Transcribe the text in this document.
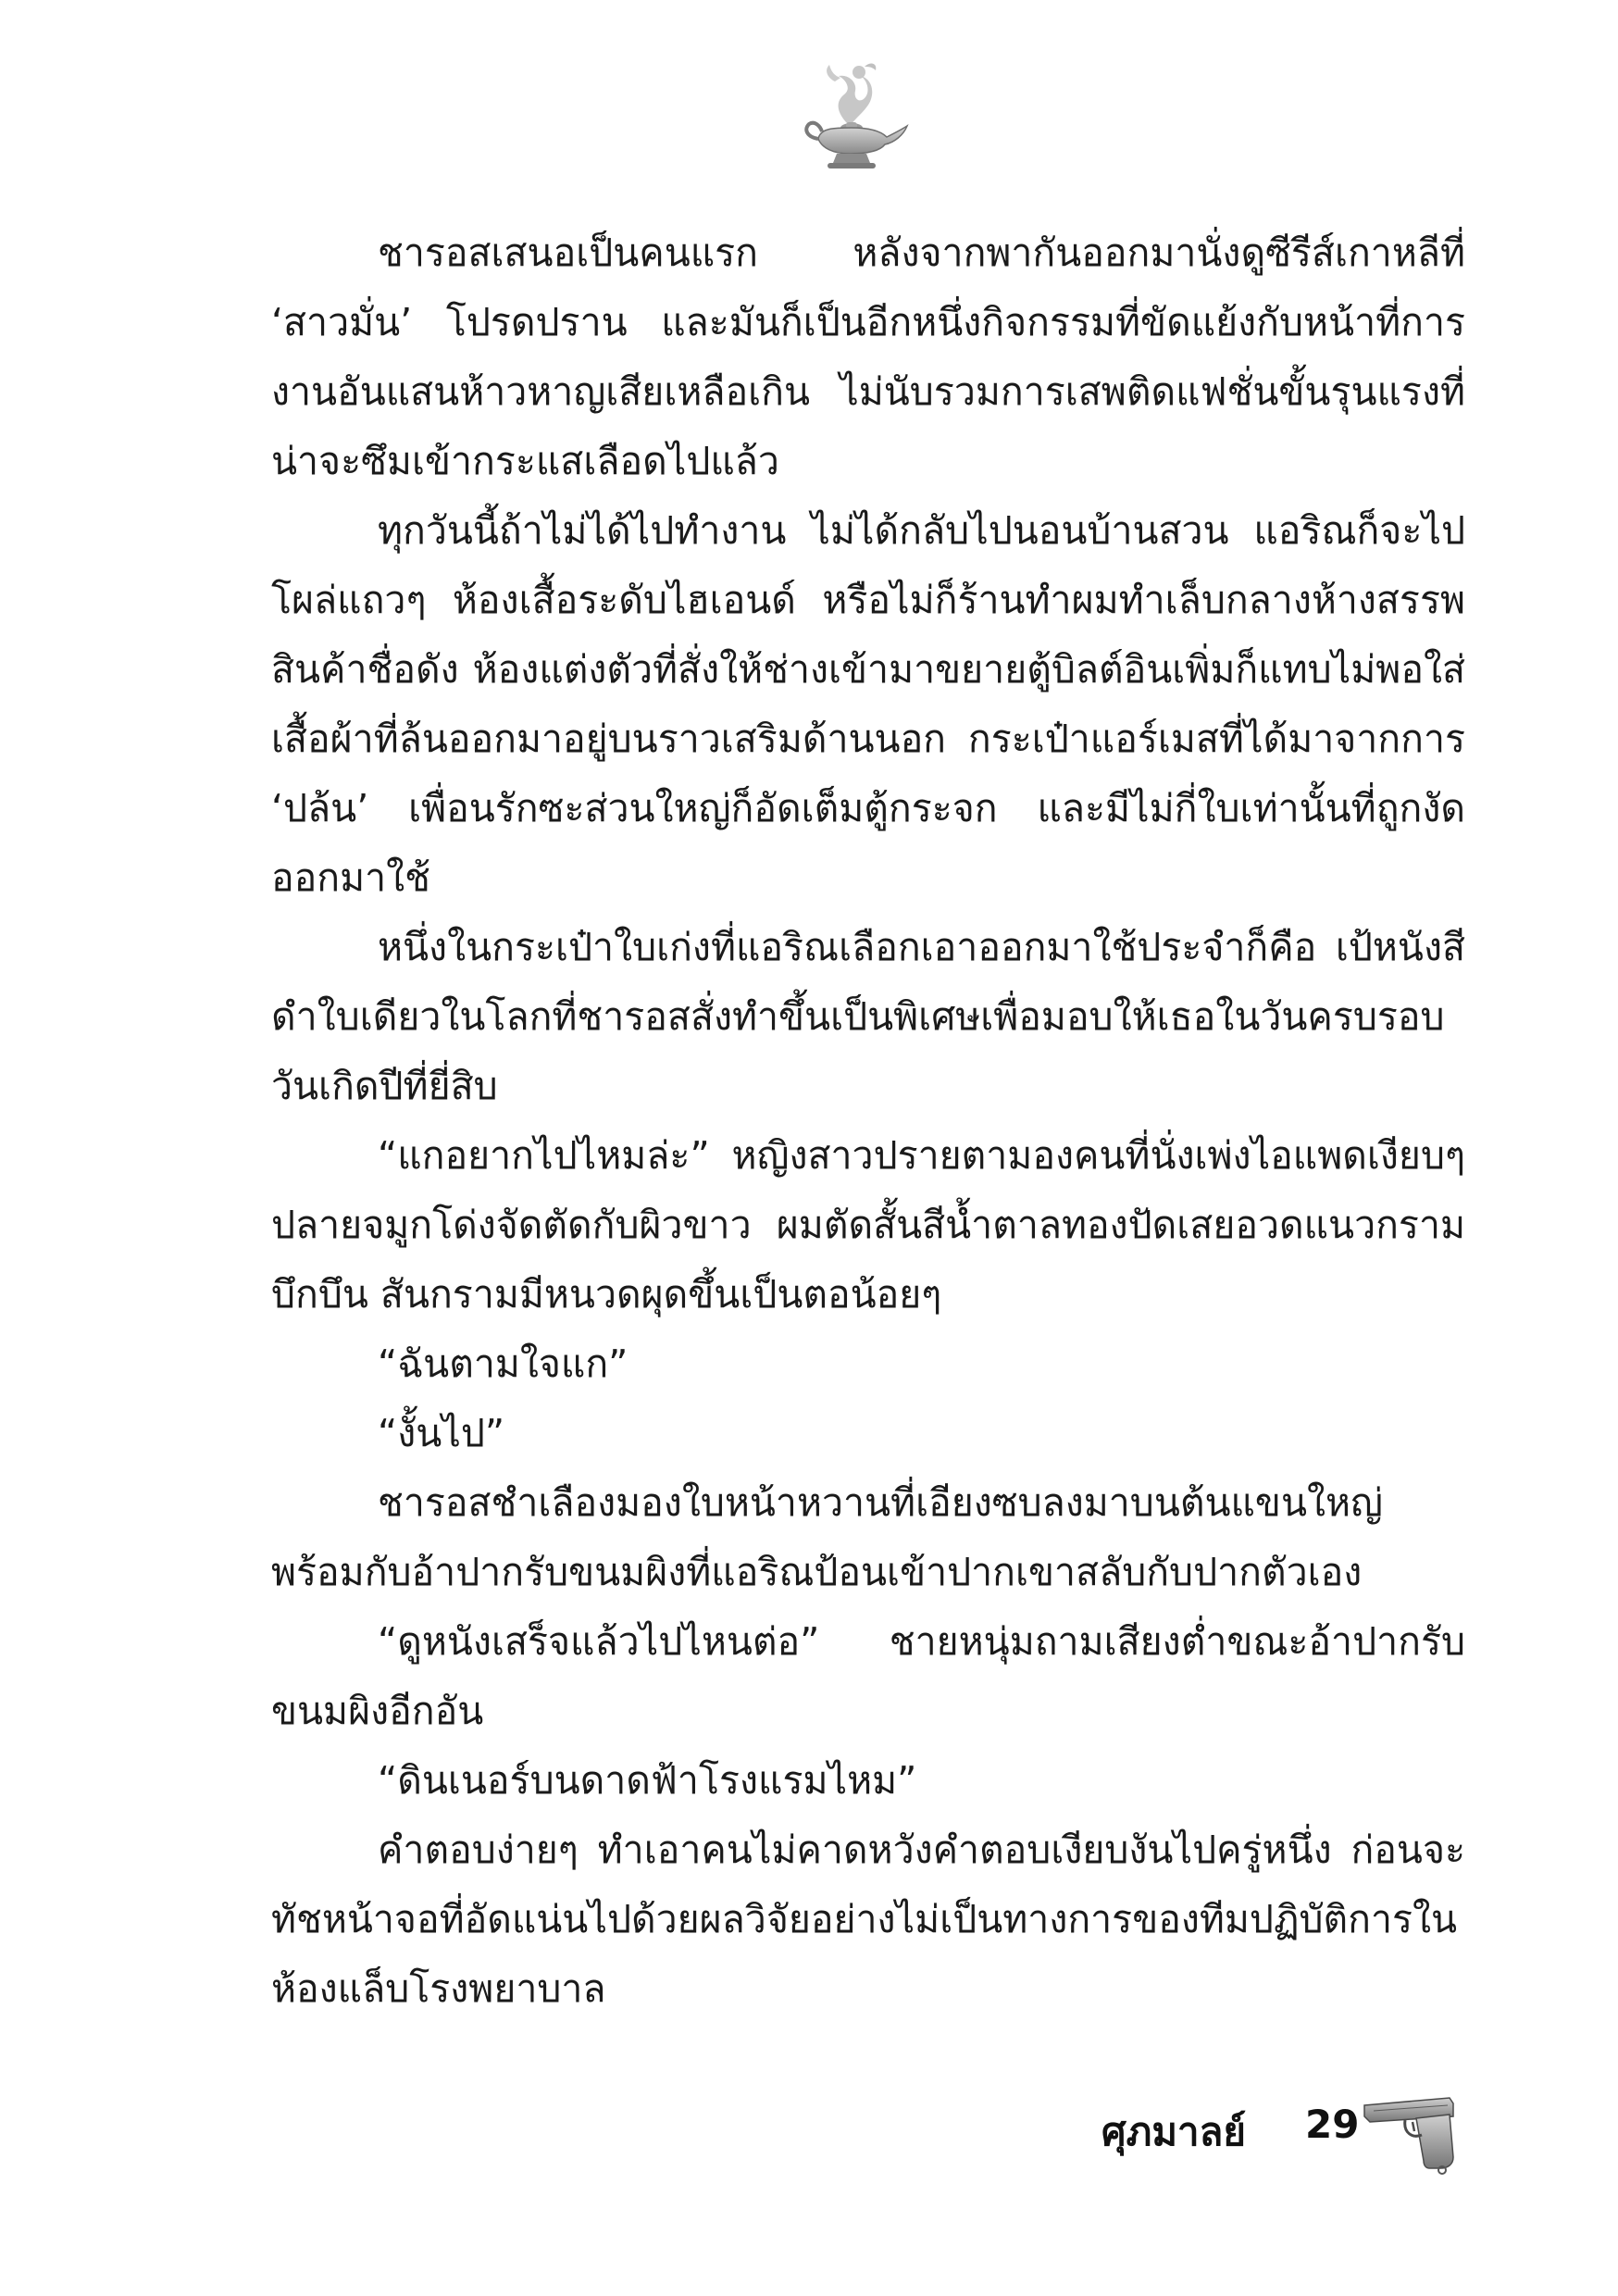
ชารอสเสนอเป็นคนแรก หลังจากพากันออกมานั่งดูซีรีส์เกาหลีที่ ‘สาวมั่น’ โปรดปราน และมันก็เป็นอีกหนึ่งกิจกรรมที่ขัดแย้งกับหน้าที่การงานอันแสนห้าวหาญเสียเหลือเกิน ไม่นับรวมการเสพติดแฟชั่นขั้นรุนแรงที่น่าจะซึมเข้ากระแสเลือดไปแล้ว

ทุกวันนี้ถ้าไม่ได้ไปทำงาน ไม่ได้กลับไปนอนบ้านสวน แอริณก็จะไปโผล่แถวๆ ห้องเสื้อระดับไฮเอนด์ หรือไม่ก็ร้านทำผมทำเล็บกลางห้างสรรพสินค้าชื่อดัง ห้องแต่งตัวที่สั่งให้ช่างเข้ามาขยายตู้บิลต์อินเพิ่มก็แทบไม่พอใส่เสื้อผ้าที่ล้นออกมาอยู่บนราวเสริมด้านนอก กระเป๋าแอร์เมสที่ได้มาจากการ ‘ปล้น’ เพื่อนรักซะส่วนใหญ่ก็อัดเต็มตู้กระจก และมีไม่กี่ใบเท่านั้นที่ถูกงัดออกมาใช้

หนึ่งในกระเป๋าใบเก่งที่แอริณเลือกเอาออกมาใช้ประจำก็คือ เป้หนังสีดำใบเดียวในโลกที่ชารอสสั่งทำขึ้นเป็นพิเศษเพื่อมอบให้เธอในวันครบรอบวันเกิดปีที่ยี่สิบ

“แกอยากไปไหมล่ะ” หญิงสาวปรายตามองคนที่นั่งเพ่งไอแพดเงียบๆ ปลายจมูกโด่งจัดตัดกับผิวขาว ผมตัดสั้นสีน้ำตาลทองปัดเสยอวดแนวกรามบึกบึน สันกรามมีหนวดผุดขึ้นเป็นตอน้อยๆ

“ฉันตามใจแก”

“งั้นไป”

ชารอสชำเลืองมองใบหน้าหวานที่เอียงซบลงมาบนต้นแขนใหญ่ พร้อมกับอ้าปากรับขนมผิงที่แอริณป้อนเข้าปากเขาสลับกับปากตัวเอง

“ดูหนังเสร็จแล้วไปไหนต่อ” ชายหนุ่มถามเสียงต่ำขณะอ้าปากรับขนมผิงอีกอัน

“ดินเนอร์บนดาดฟ้าโรงแรมไหม”

คำตอบง่ายๆ ทำเอาคนไม่คาดหวังคำตอบเงียบงันไปครู่หนึ่ง ก่อนจะทัชหน้าจอที่อัดแน่นไปด้วยผลวิจัยอย่างไม่เป็นทางการของทีมปฏิบัติการในห้องแล็บโรงพยาบาล

ศุภมาลย์ 29
